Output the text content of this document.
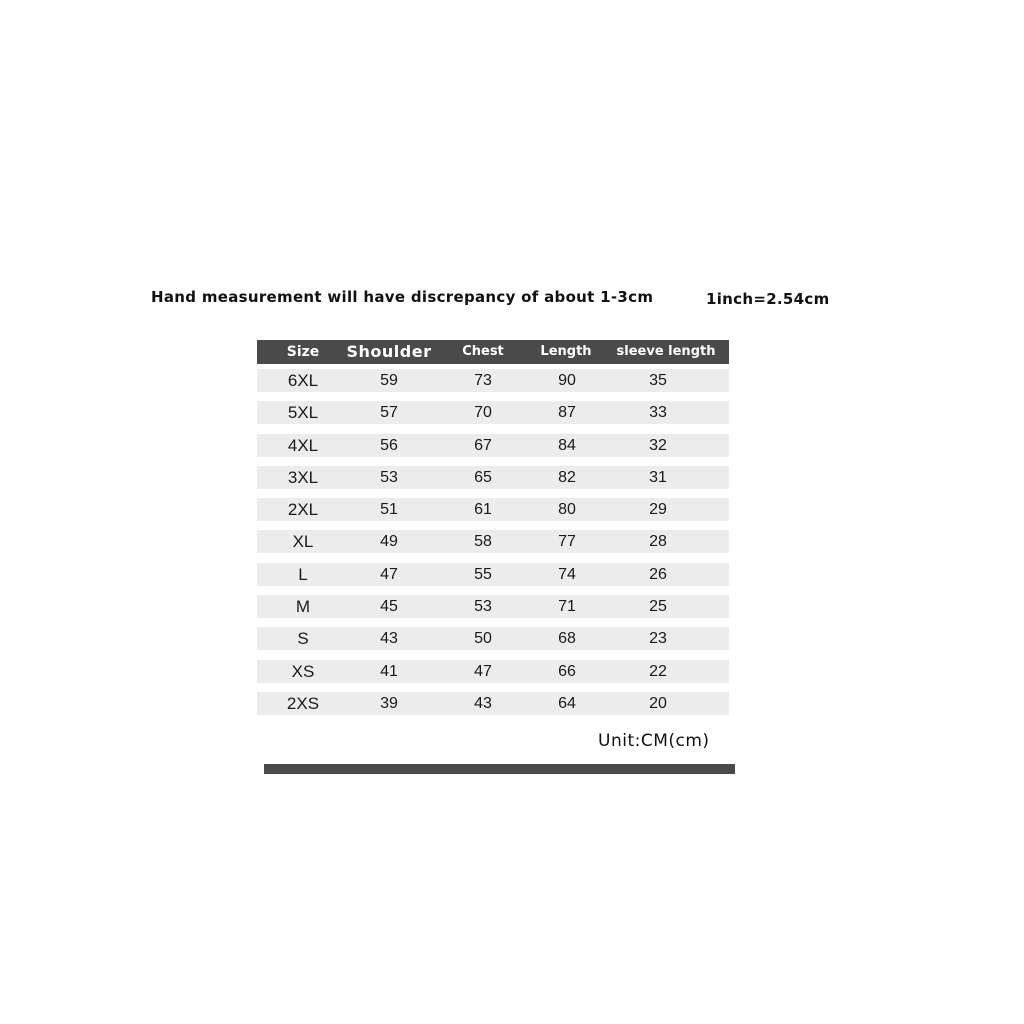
Hand measurement will have discrepancy of about 1-3cm	1inch=2.54cm
Size	Shoulder	Chest	Length	sleeve length
6XL	59	73	90	35
5XL	57	70	87	33
4XL	56	67	84	32
3XL	53	65	82	31
2XL	51	61	80	29
XL	49	58	77	28
L	47	55	74	26
M	45	53	71	25
S	43	50	68	23
XS	41	47	66	22
2XS	39	43	64	20
Unit:CM(cm)
